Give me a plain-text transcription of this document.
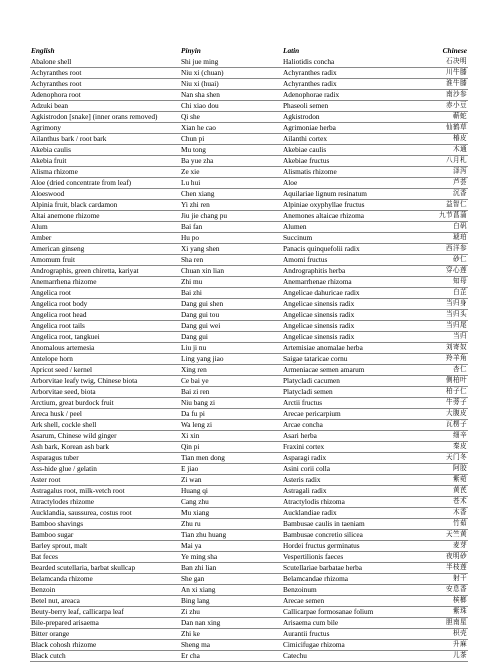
English	Pinyin	Latin	Chinese
Abalone shell	Shi jue ming	Haliotidis concha	石决明
Achyranthes root	Niu xi (chuan)	Achyranthes radix	川牛膝
Achyranthes root	Niu xi (huai)	Achyranthes radix	淮牛膝
Adenophora root	Nan sha shen	Adenophorae radix	南沙参
Adzuki bean	Chi xiao dou	Phaseoli semen	赤小豆
Agkistrodon [snake] (inner orans removed)	Qi she	Agkistrodon	蕲蛇
Agrimony	Xian he cao	Agrimoniae herba	仙鹤草
Ailanthus bark / root bark	Chun pi	Ailanthi cortex	椿皮
Akebia caulis	Mu tong	Akebiae caulis	木通
Akebia fruit	Ba yue zha	Akebiae fructus	八月札
Alisma rhizome	Ze xie	Alismatis rhizome	泽泻
Aloe (dried concentrate from leaf)	Lu hui	Aloe	芦荟
Aloeswood	Chen xiang	Aquilariae lignum resinatum	沉香
Alpinia fruit, black cardamon	Yi zhi ren	Alpiniae oxyphyllae fructus	益智仁
Altai anemone rhizome	Jiu jie chang pu	Anemones altaicae rhizoma	九节菖蒲
Alum	Bai fan	Alumen	白矾
Amber	Hu po	Succinum	琥珀
American ginseng	Xi yang shen	Panacis quinquefolii radix	西洋参
Amomum fruit	Sha ren	Amomi fructus	砂仁
Andrographis, green chiretta, kariyat	Chuan xin lian	Andrographitis herba	穿心莲
Anemarrhena rhizome	Zhi mu	Anemarrhenae rhizoma	知母
Angelica root	Bai zhi	Angelicae dahuricae radix	白芷
Angelica root body	Dang gui shen	Angelicae sinensis radix	当归身
Angelica root head	Dang gui tou	Angelicae sinensis radix	当归头
Angelica root tails	Dang gui wei	Angelicae sinensis radix	当归尾
Angelica root, tangkuei	Dang gui	Angelicae sinensis radix	当归
Anomalous artemesia	Liu ji nu	Artemisiae anomalae herba	刘寄奴
Antelope horn	Ling yang jiao	Saigae tataricae cornu	羚羊角
Apricot seed / kernel	Xing ren	Armeniacae semen amarum	杏仁
Arborvitae leafy twig, Chinese biota	Ce bai ye	Platycladi cacumen	侧柏叶
Arborvitae seed, biota	Bai zi ren	Platycladi semen	柏子仁
Arctium, great burdock fruit	Niu bang zi	Arctii fructus	牛蒡子
Areca husk / peel	Da fu pi	Arecae pericarpium	大腹皮
Ark shell, cockle shell	Wa leng zi	Arcae concha	瓦楞子
Asarum, Chinese wild ginger	Xi xin	Asari herba	细辛
Ash bark, Korean ash bark	Qin pi	Fraxini cortex	秦皮
Asparagus tuber	Tian men dong	Asparagi radix	天门冬
Ass-hide glue / gelatin	E jiao	Asini corii colla	阿胶
Aster root	Zi wan	Asteris radix	紫菀
Astragalus root, milk-vetch root	Huang qi	Astragali radix	黄芪
Atractylodes rhizome	Cang zhu	Atractylodis rhizoma	苍术
Aucklandia, saussurea, costus root	Mu xiang	Aucklandiae radix	木香
Bamboo shavings	Zhu ru	Bambusae caulis in taeniam	竹茹
Bamboo sugar	Tian zhu huang	Bambusae concretio silicea	天竺黄
Barley sprout, malt	Mai ya	Hordei fructus germinatus	麦芽
Bat feces	Ye ming sha	Vespertilionis faeces	夜明砂
Bearded scutellaria, barbat skullcap	Ban zhi lian	Scutellariae barbatae herba	半枝莲
Belamcanda rhizome	She gan	Belamcandae rhizoma	射干
Benzoin	An xi xiang	Benzoinum	安息香
Betel nut, areaca	Bing lang	Arecae semen	槟榔
Beuty-berry leaf, callicarpa leaf	Zi zhu	Callicarpae formosanae folium	紫珠
Bile-prepared arisaema	Dan nan xing	Arisaema cum bile	胆南星
Bitter orange	Zhi ke	Aurantii fructus	枳壳
Black cohosh rhizome	Sheng ma	Cimicifugae rhizoma	升麻
Black cutch	Er cha	Catechu	儿茶
